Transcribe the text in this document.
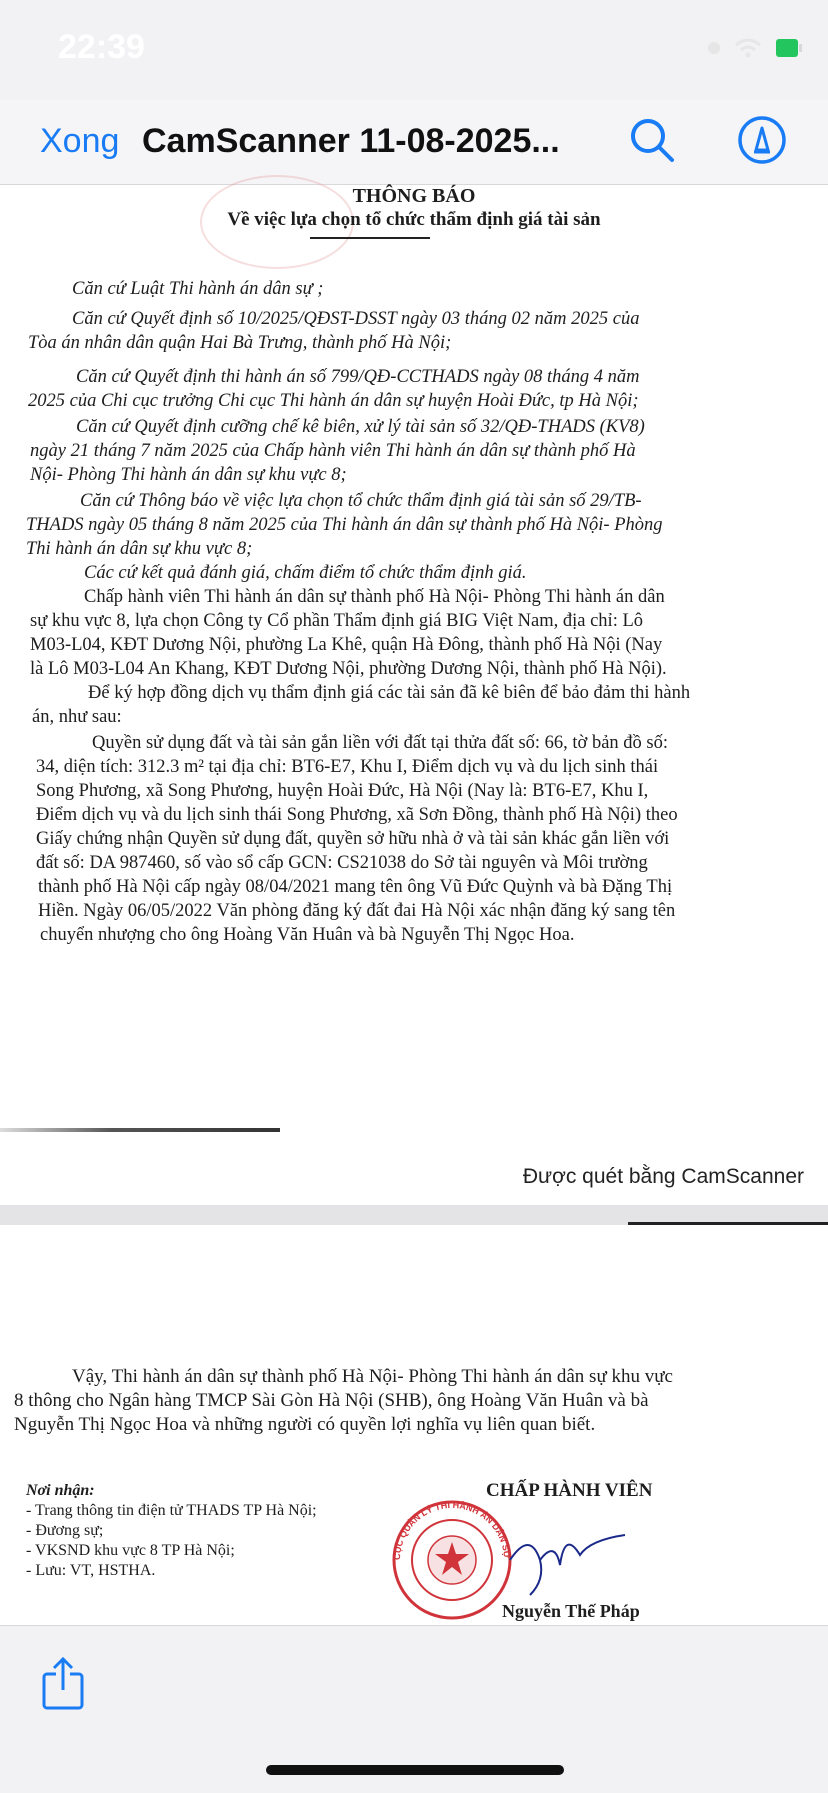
22:39
Xong CamScanner 11-08-2025...
THÔNG BÁO
Về việc lựa chọn tổ chức thẩm định giá tài sản
Căn cứ Luật Thi hành án dân sự ;
Căn cứ Quyết định số 10/2025/QĐST-DSST ngày 03 tháng 02 năm 2025 của
Tòa án nhân dân quận Hai Bà Trưng, thành phố Hà Nội;
Căn cứ Quyết định thi hành án số 799/QĐ-CCTHADS ngày 08 tháng 4 năm
2025 của Chi cục trưởng Chi cục Thi hành án dân sự huyện Hoài Đức, tp Hà Nội;
Căn cứ Quyết định cưỡng chế kê biên, xử lý tài sản số 32/QĐ-THADS (KV8)
ngày 21 tháng 7 năm 2025 của Chấp hành viên Thi hành án dân sự thành phố Hà
Nội- Phòng Thi hành án dân sự khu vực 8;
Căn cứ Thông báo về việc lựa chọn tổ chức thẩm định giá tài sản số 29/TB-
THADS ngày 05 tháng 8 năm 2025 của Thi hành án dân sự thành phố Hà Nội- Phòng
Thi hành án dân sự khu vực 8;
Các cứ kết quả đánh giá, chấm điểm tổ chức thẩm định giá.
Chấp hành viên Thi hành án dân sự thành phố Hà Nội- Phòng Thi hành án dân
sự khu vực 8, lựa chọn Công ty Cổ phần Thẩm định giá BIG Việt Nam, địa chỉ: Lô
M03-L04, KĐT Dương Nội, phường La Khê, quận Hà Đông, thành phố Hà Nội (Nay
là Lô M03-L04 An Khang, KĐT Dương Nội, phường Dương Nội, thành phố Hà Nội).
Để ký hợp đồng dịch vụ thẩm định giá các tài sản đã kê biên để bảo đảm thi hành
án, như sau:
Quyền sử dụng đất và tài sản gắn liền với đất tại thửa đất số: 66, tờ bản đồ số:
34, diện tích: 312.3 m² tại địa chỉ: BT6-E7, Khu I, Điểm dịch vụ và du lịch sinh thái
Song Phương, xã Song Phương, huyện Hoài Đức, Hà Nội (Nay là: BT6-E7, Khu I,
Điểm dịch vụ và du lịch sinh thái Song Phương, xã Sơn Đồng, thành phố Hà Nội) theo
Giấy chứng nhận Quyền sử dụng đất, quyền sở hữu nhà ở và tài sản khác gắn liền với
đất số: DA 987460, số vào sổ cấp GCN: CS21038 do Sở tài nguyên và Môi trường
thành phố Hà Nội cấp ngày 08/04/2021 mang tên ông Vũ Đức Quỳnh và bà Đặng Thị
Hiền. Ngày 06/05/2022 Văn phòng đăng ký đất đai Hà Nội xác nhận đăng ký sang tên
chuyển nhượng cho ông Hoàng Văn Huân và bà Nguyễn Thị Ngọc Hoa.
Được quét bằng CamScanner
Vậy, Thi hành án dân sự thành phố Hà Nội- Phòng Thi hành án dân sự khu vực
8 thông cho Ngân hàng TMCP Sài Gòn Hà Nội (SHB), ông Hoàng Văn Huân và bà
Nguyễn Thị Ngọc Hoa và những người có quyền lợi nghĩa vụ liên quan biết.
Nơi nhận:
- Trang thông tin điện tử THADS TP Hà Nội;
- Đương sự;
- VKSND khu vực 8 TP Hà Nội;
- Lưu: VT, HSTHA.
CHẤP HÀNH VIÊN
Nguyễn Thế Pháp
CỤC QUẢN LÝ THI HÀNH ÁN DÂN SỰ
